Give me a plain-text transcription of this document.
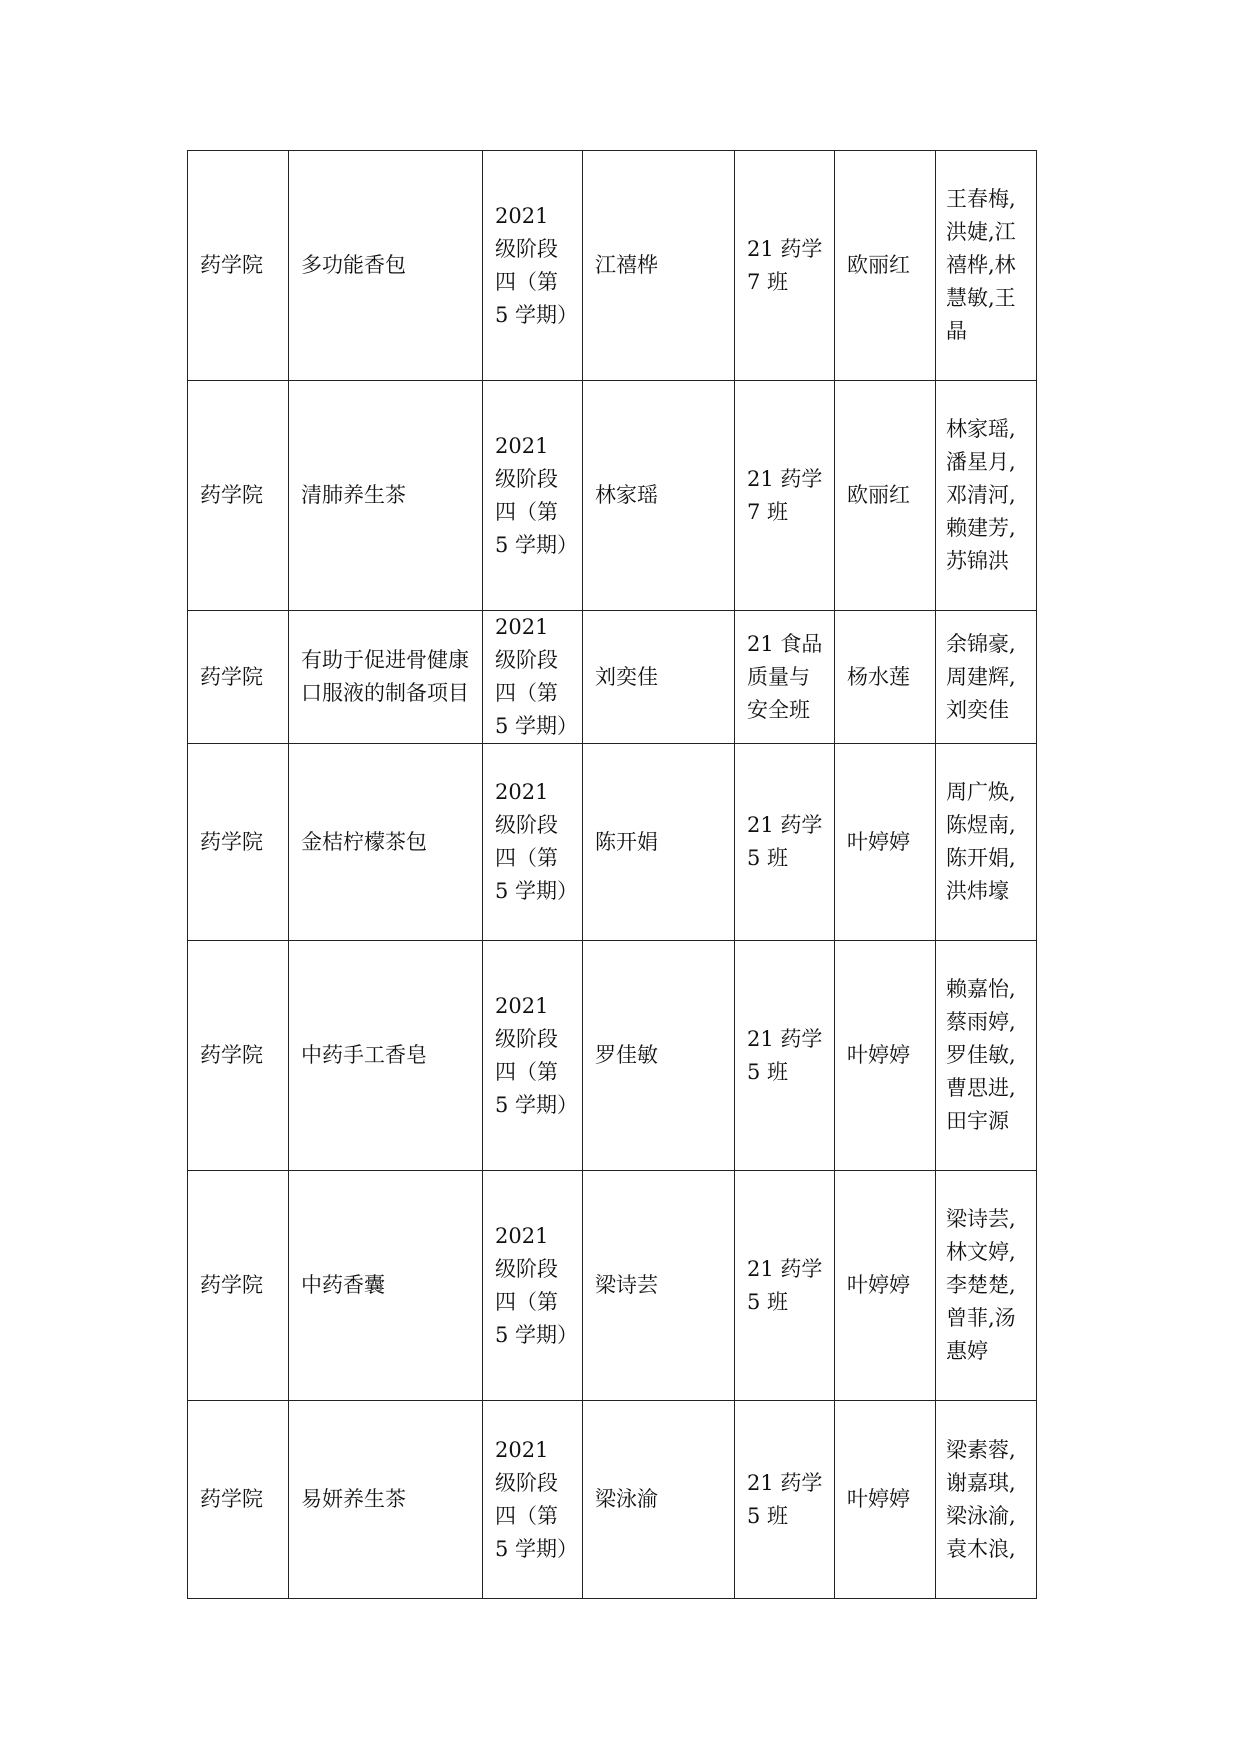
药学院	多功能香包	2021 级阶段四（第 5 学期）	江禧桦	21 药学 7 班	欧丽红	王春梅,洪婕,江禧桦,林慧敏,王晶

药学院	清肺养生茶	2021 级阶段四（第 5 学期）	林家瑶	21 药学 7 班	欧丽红	林家瑶,潘星月,邓清河,赖建芳,苏锦洪

药学院	有助于促进骨健康口服液的制备项目	2021 级阶段四（第 5 学期）	刘奕佳	21 食品质量与安全班	杨水莲	余锦豪,周建辉,刘奕佳

药学院	金桔柠檬茶包	2021 级阶段四（第 5 学期）	陈开娟	21 药学 5 班	叶婷婷	周广焕,陈煜南,陈开娟,洪炜壕

药学院	中药手工香皂	2021 级阶段四（第 5 学期）	罗佳敏	21 药学 5 班	叶婷婷	赖嘉怡,蔡雨婷,罗佳敏,曹思进,田宇源

药学院	中药香囊	2021 级阶段四（第 5 学期）	梁诗芸	21 药学 5 班	叶婷婷	梁诗芸,林文婷,李楚楚,曾菲,汤惠婷

药学院	易妍养生茶	2021 级阶段四（第 5 学期）	梁泳渝	21 药学 5 班	叶婷婷	梁素蓉,谢嘉琪,梁泳渝,袁木浪,
